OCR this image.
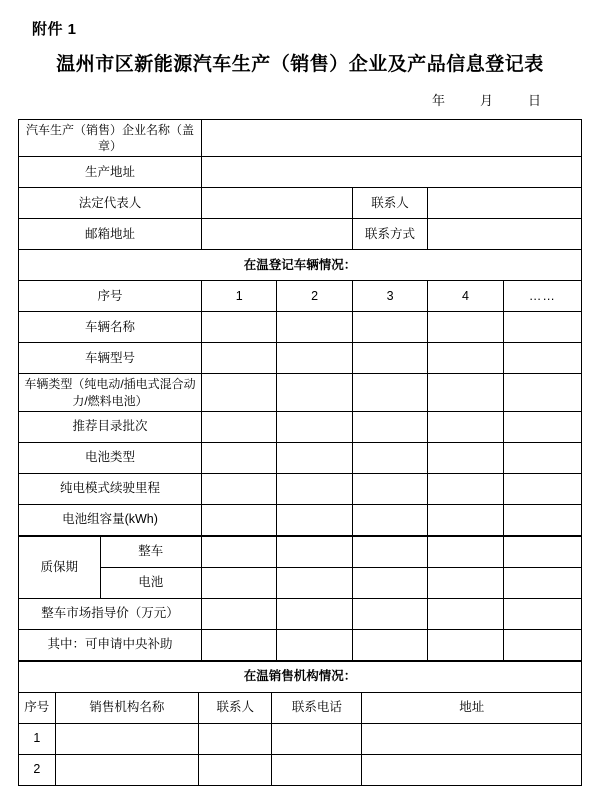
附件 1
温州市区新能源汽车生产（销售）企业及产品信息登记表
年	月	日
汽车生产（销售）企业名称（盖章）					
生产地址					
法定代表人			联系人		
邮箱地址			联系方式		
在温登记车辆情况：					
序号	1	2	3	4	……
车辆名称					
车辆型号					
车辆类型（纯电动/插电式混合动力/燃料电池）					
推荐目录批次					
电池类型					
纯电模式续驶里程					
电池组容量(kWh)					
质保期	整车					
	电池					
整车市场指导价（万元）						
其中：可申请中央补助						
在温销售机构情况：				
序号	销售机构名称	联系人	联系电话	地址
1				
2				
